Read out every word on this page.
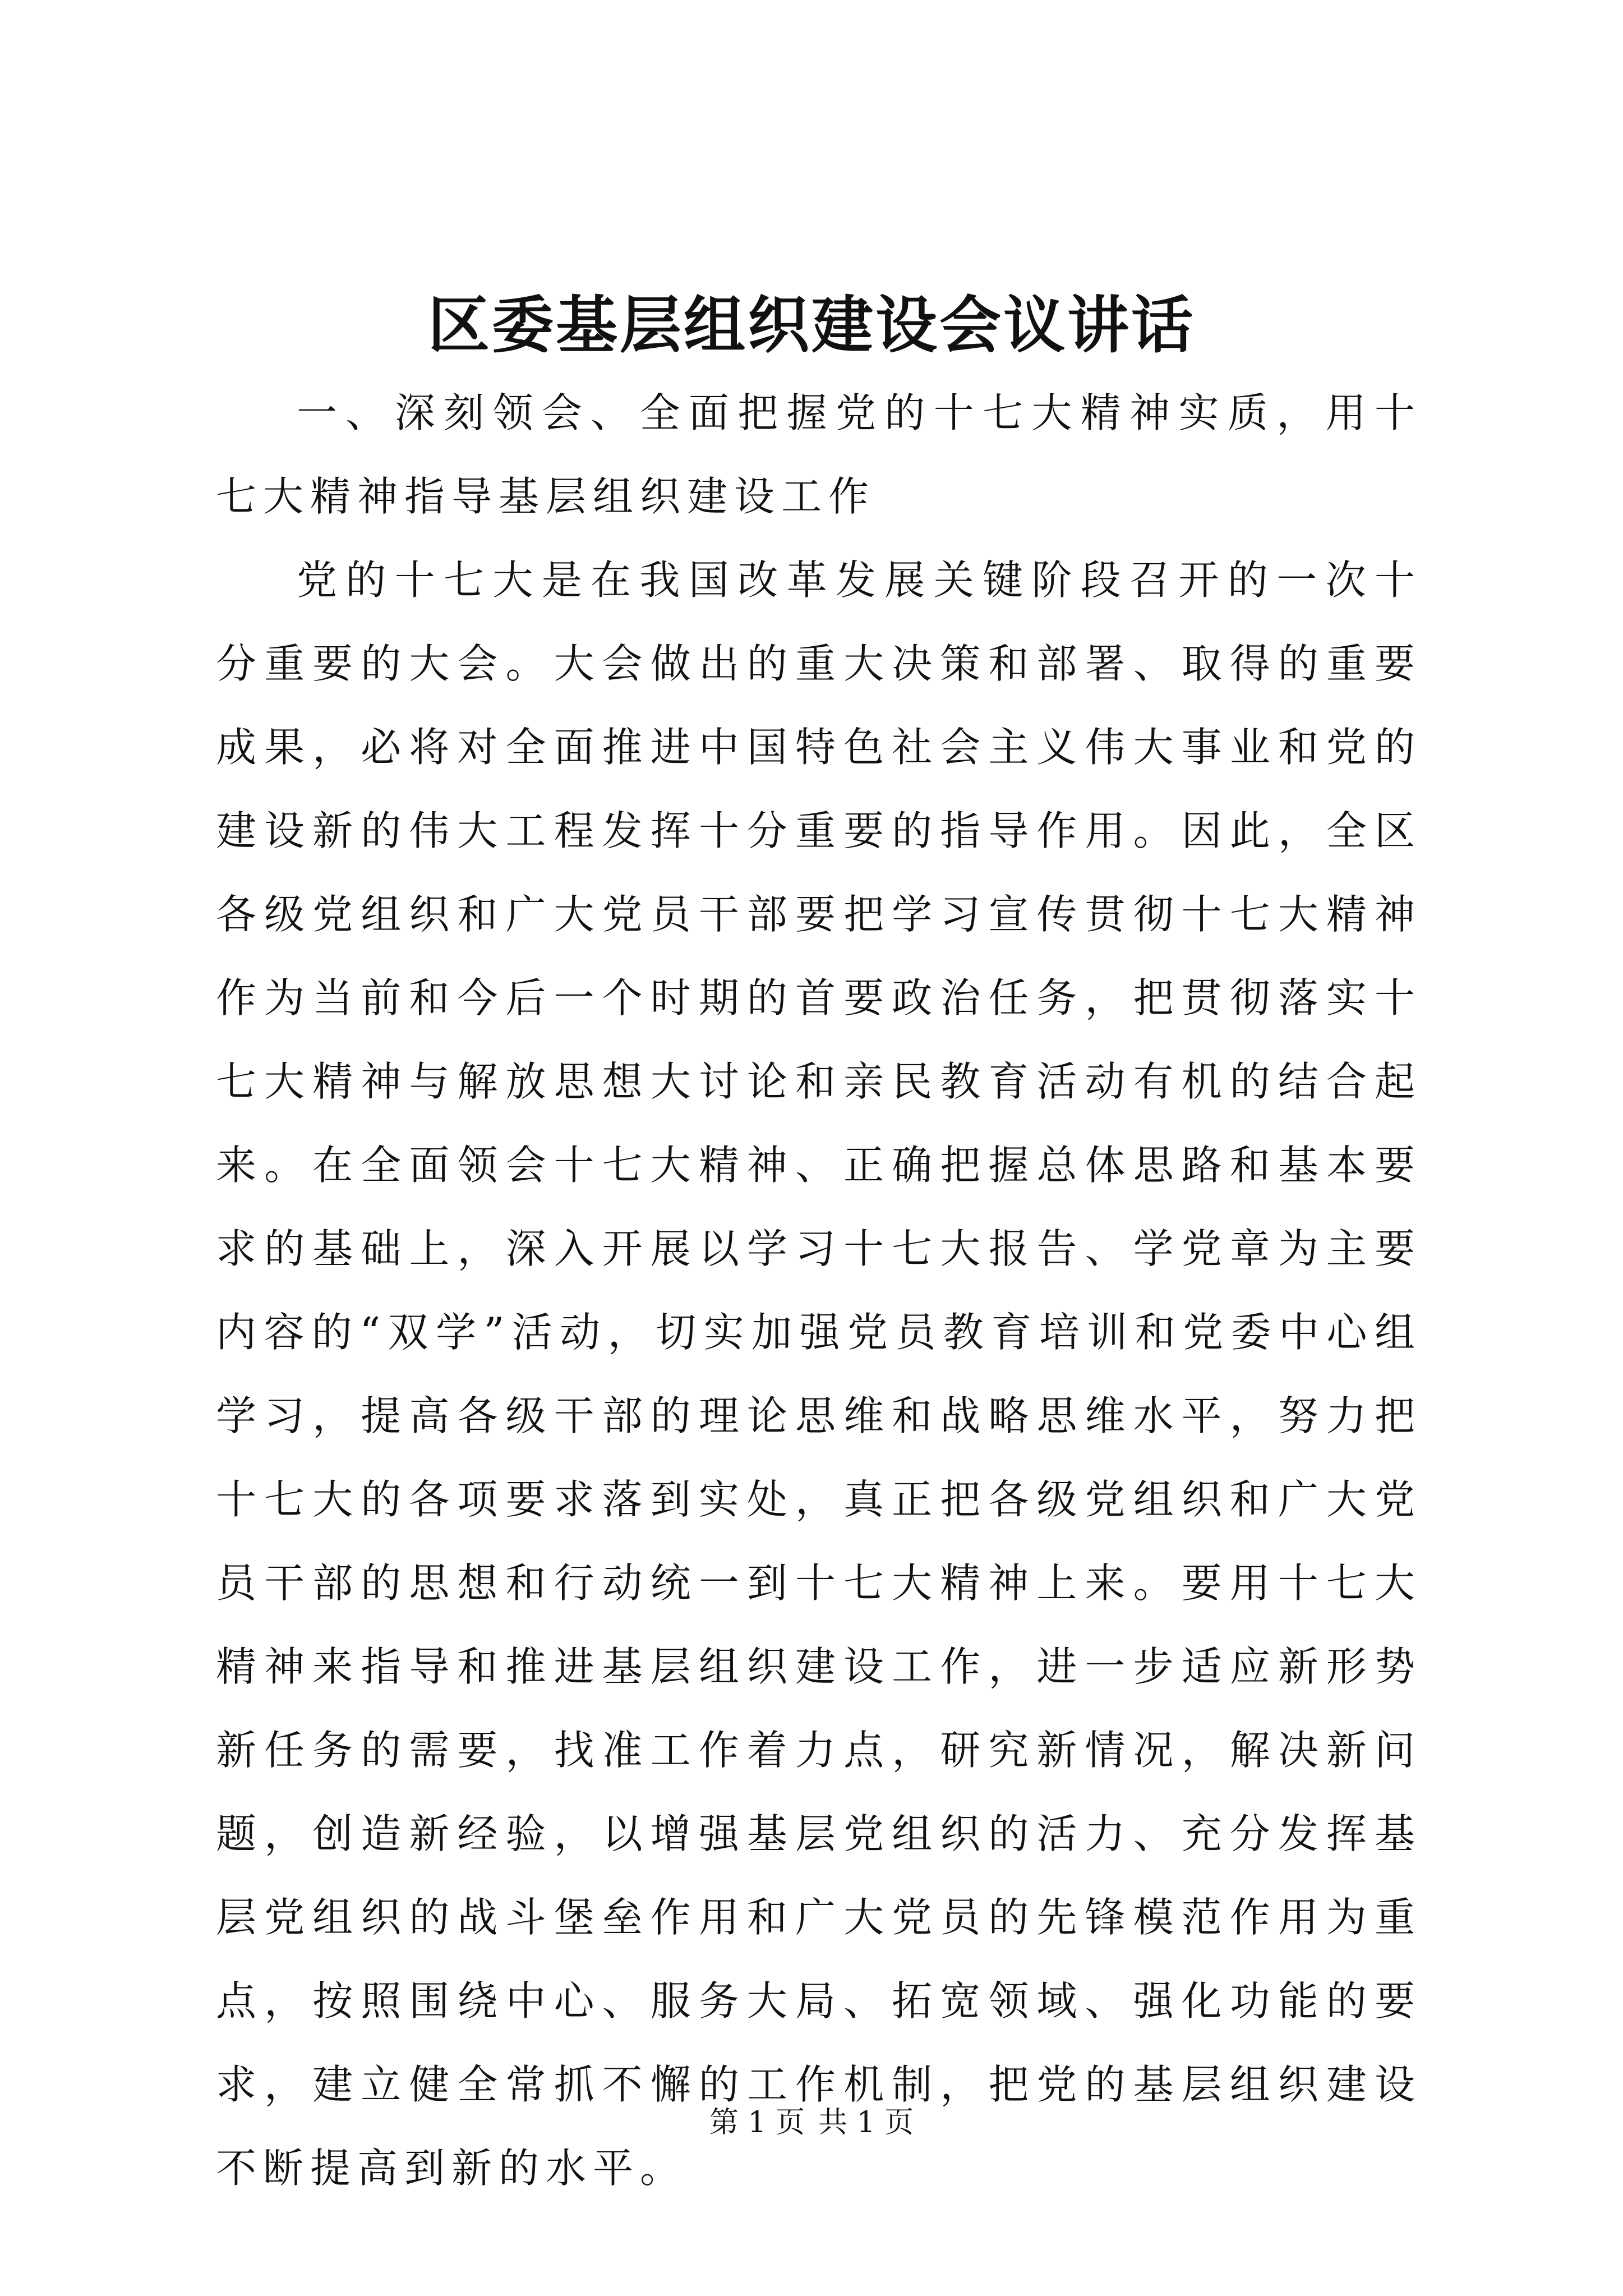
区委基层组织建设会议讲话

一、深刻领会、全面把握党的十七大精神实质，用十七大精神指导基层组织建设工作

党的十七大是在我国改革发展关键阶段召开的一次十分重要的大会。大会做出的重大决策和部署、取得的重要成果，必将对全面推进中国特色社会主义伟大事业和党的建设新的伟大工程发挥十分重要的指导作用。因此，全区各级党组织和广大党员干部要把学习宣传贯彻十七大精神作为当前和今后一个时期的首要政治任务，把贯彻落实十七大精神与解放思想大讨论和亲民教育活动有机的结合起来。在全面领会十七大精神、正确把握总体思路和基本要求的基础上，深入开展以学习十七大报告、学党章为主要内容的“双学”活动，切实加强党员教育培训和党委中心组学习，提高各级干部的理论思维和战略思维水平，努力把十七大的各项要求落到实处，真正把各级党组织和广大党员干部的思想和行动统一到十七大精神上来。要用十七大精神来指导和推进基层组织建设工作，进一步适应新形势新任务的需要，找准工作着力点，研究新情况，解决新问题，创造新经验，以增强基层党组织的活力、充分发挥基层党组织的战斗堡垒作用和广大党员的先锋模范作用为重点，按照围绕中心、服务大局、拓宽领域、强化功能的要求，建立健全常抓不懈的工作机制，把党的基层组织建设不断提高到新的水平。

第 1 页 共 1 页
